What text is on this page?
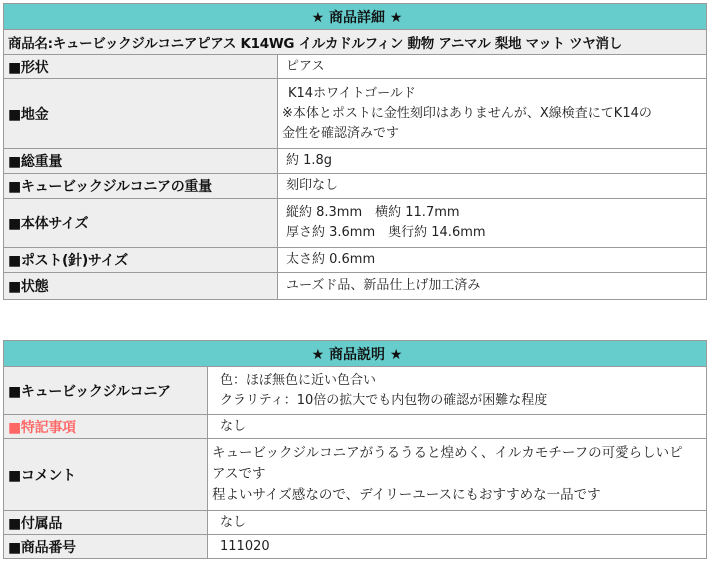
★ 商品詳細 ★	
商品名:キュービックジルコニアピアス K14WG イルカドルフィン 動物 アニマル 梨地 マット ツヤ消し	
■形状	ピアス

■地金	K14ホワイトゴールド
※本体とポストに金性刻印はありませんが、X線検査にてK14の
金性を確認済みです

■総重量	約 1.8g

■キュービックジルコニアの重量	刻印なし

■本体サイズ	縦約 8.3mm　横約 11.7mm
厚さ約 3.6mm　奥行約 14.6mm

■ポスト(針)サイズ	太さ約 0.6mm

■状態	ユーズド品、新品仕上げ加工済み
★ 商品説明 ★	
■キュービックジルコニア	色：ほぼ無色に近い色合い
クラリティ：10倍の拡大でも内包物の確認が困難な程度

■特記事項	なし

■コメント	キュービックジルコニアがうるうると煌めく、イルカモチーフの可愛らしいピ
アスです
程よいサイズ感なので、デイリーユースにもおすすめな一品です

■付属品	なし

■商品番号	111020
